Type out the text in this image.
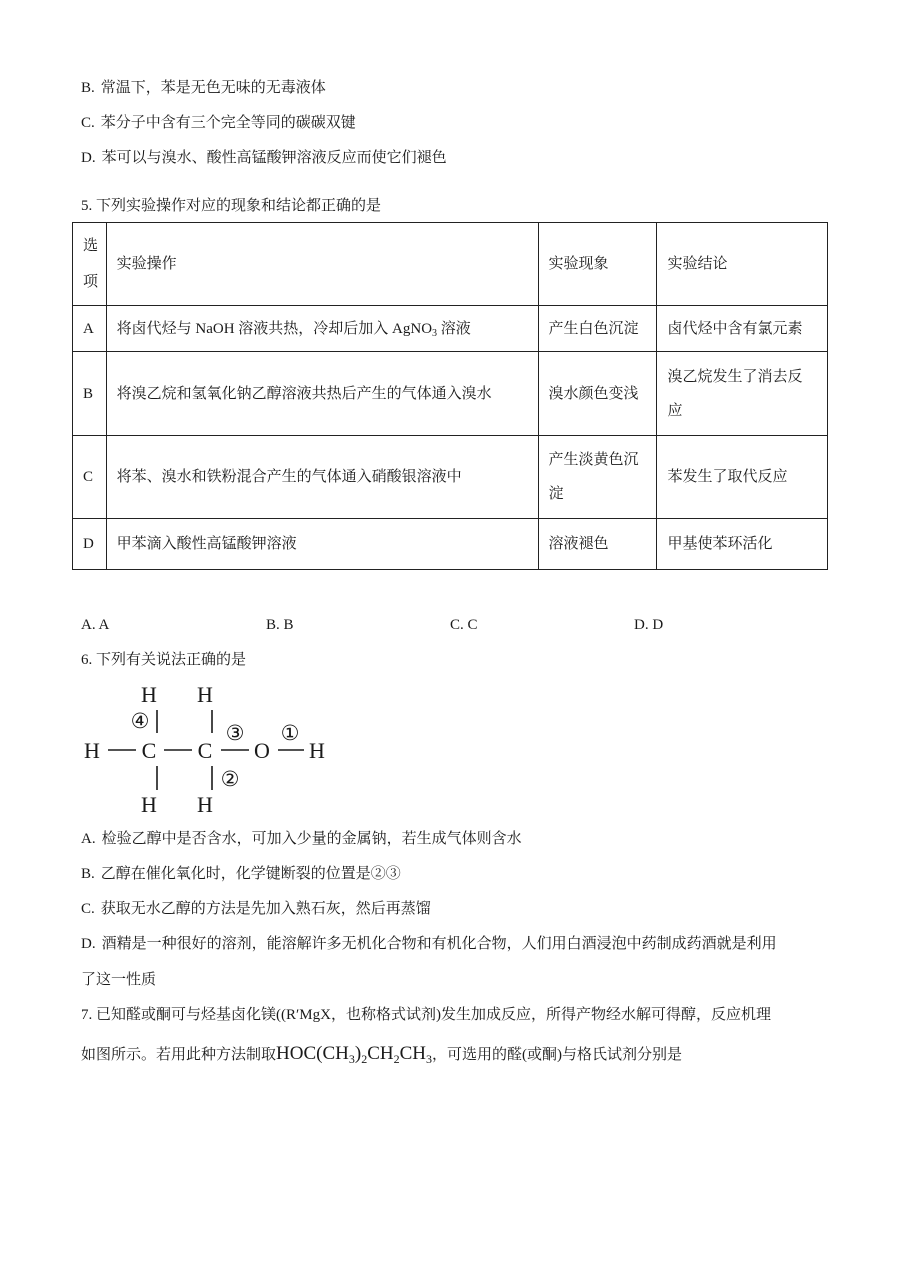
B. 常温下，苯是无色无味的无毒液体
C. 苯分子中含有三个完全等同的碳碳双键
D. 苯可以与溴水、酸性高锰酸钾溶液反应而使它们褪色
5. 下列实验操作对应的现象和结论都正确的是
选
项	实验操作	实验现象	实验结论
A	将卤代烃与 NaOH 溶液共热，冷却后加入 AgNO$_3$ 溶液	产生白色沉淀	卤代烃中含有氯元素
B	将溴乙烷和氢氧化钠乙醇溶液共热后产生的气体通入溴水	溴水颜色变浅	溴乙烷发生了消去反应
C	将苯、溴水和铁粉混合产生的气体通入硝酸银溶液中	产生淡黄色沉淀	苯发生了取代反应
D	甲苯滴入酸性高锰酸钾溶液	溶液褪色	甲基使苯环活化
A. A	B. B	C. C	D. D
6. 下列有关说法正确的是
H H
H C C O H
H H
①
②
③
④
A. 检验乙醇中是否含水，可加入少量的金属钠，若生成气体则含水
B. 乙醇在催化氧化时，化学键断裂的位置是②③
C. 获取无水乙醇的方法是先加入熟石灰，然后再蒸馏
D. 酒精是一种很好的溶剂，能溶解许多无机化合物和有机化合物，人们用白酒浸泡中药制成药酒就是利用
了这一性质
7. 已知醛或酮可与烃基卤化镁((R′MgX，也称格式试剂)发生加成反应，所得产物经水解可得醇，反应机理
如图所示。若用此种方法制取$HOC(CH_3)_2CH_2CH_3$，可选用的醛(或酮)与格氏试剂分别是
